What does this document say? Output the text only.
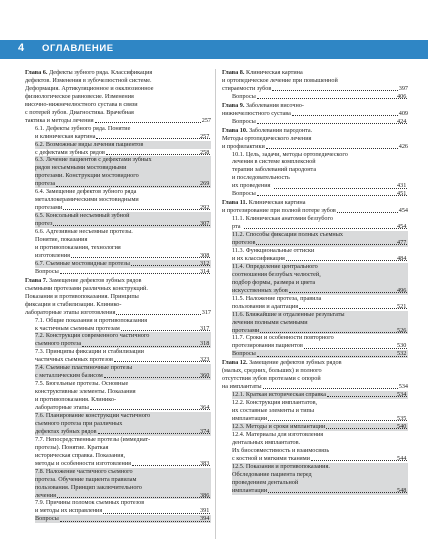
4 ОГЛАВЛЕНИЕ
Глава 6. Дефекты зубного ряда. Классификация
дефектов. Изменения в зубочелюстной системе.
Деформация. Артикуляционное и окклюзионное
физиологическое равновесие. Изменения
височно-нижнечелюстного сустава в связи
с потерей зубов. Диагностика. Врачебная
тактика и методы лечения	257
6.1. Дефекты зубного ряда. Понятие
и клиническая картина	257
6.2. Возможные виды лечения пациентов
с дефектами зубных рядов	258
6.3. Лечение пациентов с дефектами зубных
рядов несъемными мостовидными
протезами. Конструкции мостовидного
протеза	269
6.4. Замещение дефектов зубного ряда
металлокерамическими мостовидными
протезами	292
6.5. Консольный несъемный зубной
протез	307
6.6. Адгезивные несъемные протезы.
Понятие, показания
и противопоказания, технология
изготовления	308
6.7. Съемные мостовидные протезы	312
Вопросы	314
Глава 7. Замещение дефектов зубных рядов
съемными протезами различных конструкций.
Показания и противопоказания. Принципы
фиксации и стабилизации. Клинико-
лабораторные этапы изготовления	317
7.1. Общие показания и противопоказания
к частичным съемным протезам	317
7.2. Конструкция современного частичного
съемного протеза	318
7.3. Принципы фиксации и стабилизации
частичных съемных протезов	323
7.4. Съемные пластиночные протезы
с металлическим базисом	360
7.5. Бюгельные протезы. Основные
конструктивные элементы. Показания
и противопоказания. Клинико-
лабораторные этапы	364
7.6. Планирование конструкции частичного
съемного протеза при различных
дефектах зубных рядов	374
7.7. Непосредственные протезы (иммедиат-
протезы). Понятие. Краткая
историческая справка. Показания,
методы и особенности изготовления	383
7.8. Наложение частичного съемного
протеза. Обучение пациента правилам
пользования. Принцип заключительного
лечения	386
7.9. Причины поломок съемных протезов
и методы их исправления	391
Вопросы	394
Глава 8. Клиническая картина
и ортопедическое лечение при повышенной
стираемости зубов	397
Вопросы	406
Глава 9. Заболевания височно-
нижнечелюстного сустава	409
Вопросы	424
Глава 10. Заболевания пародонта.
Методы ортопедического лечения
и профилактики	426
10.1. Цель, задачи, методы ортопедического
лечения в системе комплексной
терапии заболеваний пародонта
и последовательность
их проведения	431
Вопросы	451
Глава 11. Клиническая картина
и протезирование при полной потере зубов	454
11.1. Клиническая анатомия беззубого
рта	454
11.2. Способы фиксации полных съемных
протезов	477
11.3. Функциональные оттиски
и их классификация	484
11.4. Определение центрального
соотношения беззубых челюстей,
подбор формы, размера и цвета
искусственных зубов	496
11.5. Наложение протеза, правила
пользования и адаптация	521
11.6. Ближайшие и отдаленные результаты
лечения полными съемными
протезами	526
11.7. Сроки и особенности повторного
протезирования пациентов	530
Вопросы	532
Глава 12. Замещение дефектов зубных рядов
(малых, средних, больших) и полного
отсутствия зубов протезами с опорой
на имплантаты	534
12.1. Краткая историческая справка	534
12.2. Конструкция имплантатов,
их составные элементы и типы
имплантации	535
12.3. Методы и сроки имплантации	540
12.4. Материалы для изготовления
дентальных имплантатов.
Их биосовместимость и взаимосвязь
с костной и мягкими тканями	544
12.5. Показания и противопоказания.
Обследование пациента перед
проведением дентальной
имплантации	548
